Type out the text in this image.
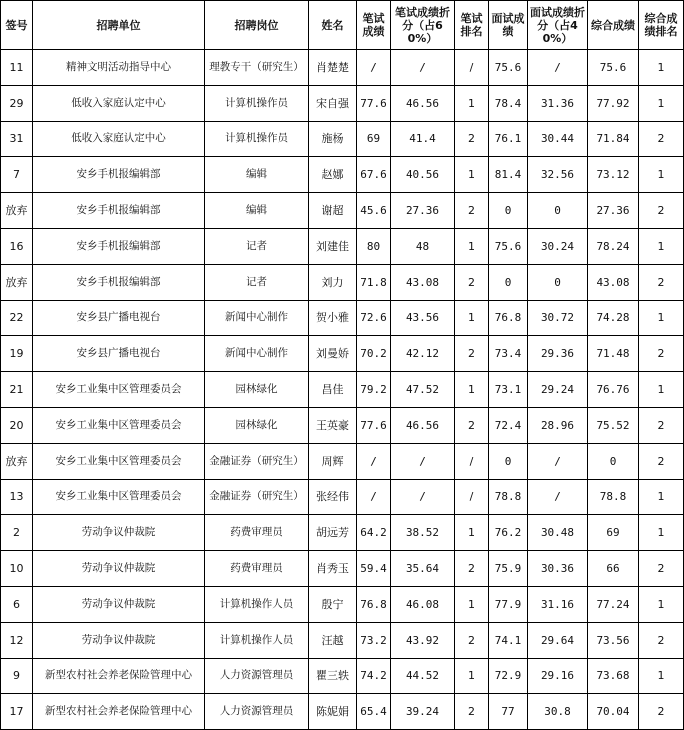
签号	招聘单位	招聘岗位	姓名	笔试成绩	笔试成绩折分（占60%）	笔试排名	面试成绩	面试成绩折分（占40%）	综合成绩	综合成绩排名
11	精神文明活动指导中心	理教专干（研究生）	肖楚楚	/	/	/	75.6	/	75.6	1
29	低收入家庭认定中心	计算机操作员	宋自强	77.6	46.56	1	78.4	31.36	77.92	1
31	低收入家庭认定中心	计算机操作员	施杨	69	41.4	2	76.1	30.44	71.84	2
7	安乡手机报编辑部	编辑	赵娜	67.6	40.56	1	81.4	32.56	73.12	1
放弃	安乡手机报编辑部	编辑	谢超	45.6	27.36	2	0	0	27.36	2
16	安乡手机报编辑部	记者	刘建佳	80	48	1	75.6	30.24	78.24	1
放弃	安乡手机报编辑部	记者	刘力	71.8	43.08	2	0	0	43.08	2
22	安乡县广播电视台	新闻中心制作	贺小雅	72.6	43.56	1	76.8	30.72	74.28	1
19	安乡县广播电视台	新闻中心制作	刘曼娇	70.2	42.12	2	73.4	29.36	71.48	2
21	安乡工业集中区管理委员会	园林绿化	昌佳	79.2	47.52	1	73.1	29.24	76.76	1
20	安乡工业集中区管理委员会	园林绿化	王英豪	77.6	46.56	2	72.4	28.96	75.52	2
放弃	安乡工业集中区管理委员会	金融证券（研究生）	周辉	/	/	/	0	/	0	2
13	安乡工业集中区管理委员会	金融证券（研究生）	张经伟	/	/	/	78.8	/	78.8	1
2	劳动争议仲裁院	药费审理员	胡远芳	64.2	38.52	1	76.2	30.48	69	1
10	劳动争议仲裁院	药费审理员	肖秀玉	59.4	35.64	2	75.9	30.36	66	2
6	劳动争议仲裁院	计算机操作人员	殷宁	76.8	46.08	1	77.9	31.16	77.24	1
12	劳动争议仲裁院	计算机操作人员	汪越	73.2	43.92	2	74.1	29.64	73.56	2
9	新型农村社会养老保险管理中心	人力资源管理员	瞿三轶	74.2	44.52	1	72.9	29.16	73.68	1
17	新型农村社会养老保险管理中心	人力资源管理员	陈妮娟	65.4	39.24	2	77	30.8	70.04	2
